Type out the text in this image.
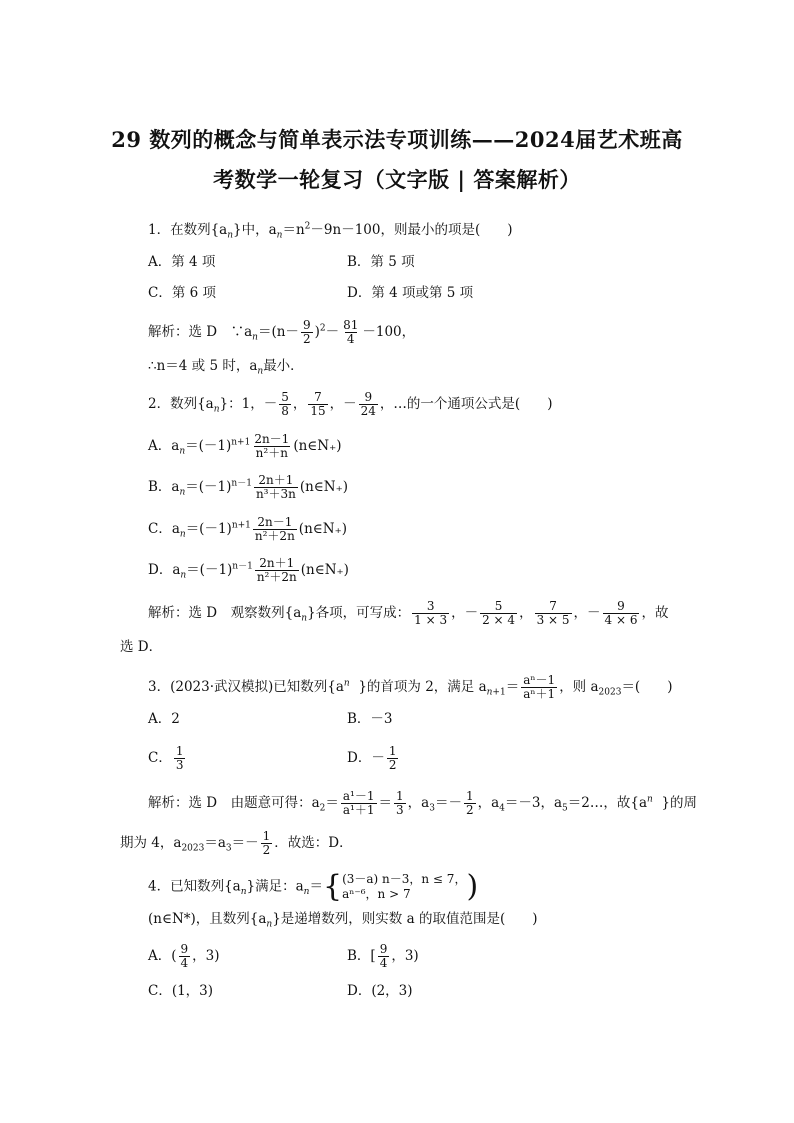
29 数列的概念与简单表示法专项训练——2024届艺术班高
考数学一轮复习（文字版 | 答案解析）
1．在数列$\{a_n\}$中，$a_n=n^2-9n-100$，则最小的项是(　　)
A．第 4 项	B．第 5 项
C．第 6 项	D．第 4 项或第 5 项
解析：选 D　$\because a_n=(n- \frac{9}{2} )^2- \frac{81}{4} -100$，
∴n＝4 或 5 时，$a_n$最小．
2．数列$\{a_n\}$：1，－ $\frac{5}{8}$ ， $\frac{7}{15}$ ，－ $\frac{9}{24}$ ，…的一个通项公式是(　　)
A．$a_n=(-1)^{n+1} \frac{2n-1}{\text{n²＋n}}$ (n∈N₊)
B．$a_n=(-1)^{n-1} \frac{2n+1}{\text{n³＋3n}}$ (n∈N₊)
C．$a_n=(-1)^{n+1} \frac{2n-1}{\text{n²＋2n}}$ (n∈N₊)
D．$a_n=(-1)^{n-1} \frac{2n+1}{\text{n²＋2n}}$ (n∈N₊)
解析：选 D　观察数列$\{a_n\}$各项，可写成： $\frac{3}{1 \times 3}$ ，－ $\frac{5}{2 \times 4}$ ， $\frac{7}{3 \times 5}$ ，－ $\frac{9}{4 \times 6}$ ，故
选 D．
3．(2023·武汉模拟)已知数列{$a^n$ }的首项为 2，满足 $a_{n+1}= \frac{\text{aⁿ－1}}{\text{aⁿ＋1}}$ ，则 $a_{2023}=$(　　)
A．2	B．－3
C． $\frac{1}{3}$	D．－ $\frac{1}{2}$
解析：选 D　由题意可得：$a_2= \frac{\text{a¹－1}}{\text{a¹＋1}} = \frac{1}{3}$ ，$a_3=- \frac{1}{2}$ ，$a_4=-3$，$a_5=2\dots$，故{$a^n$ }的周
期为 4，$a_{2023}=a_3=- \frac{1}{2}$ ．故选：D．
4．已知数列$\{a_n\}$满足：$a_n=${ (3－a) n－3，n ≤ 7，
aⁿ⁻⁶，n > 7	)
(n∈N*)，且数列$\{a_n\}$是递增数列，则实数 a 的取值范围是(　　)
A．( $\frac{9}{4}$ ，3)	B．[ $\frac{9}{4}$ ，3)
C．(1，3)	D．(2，3)
